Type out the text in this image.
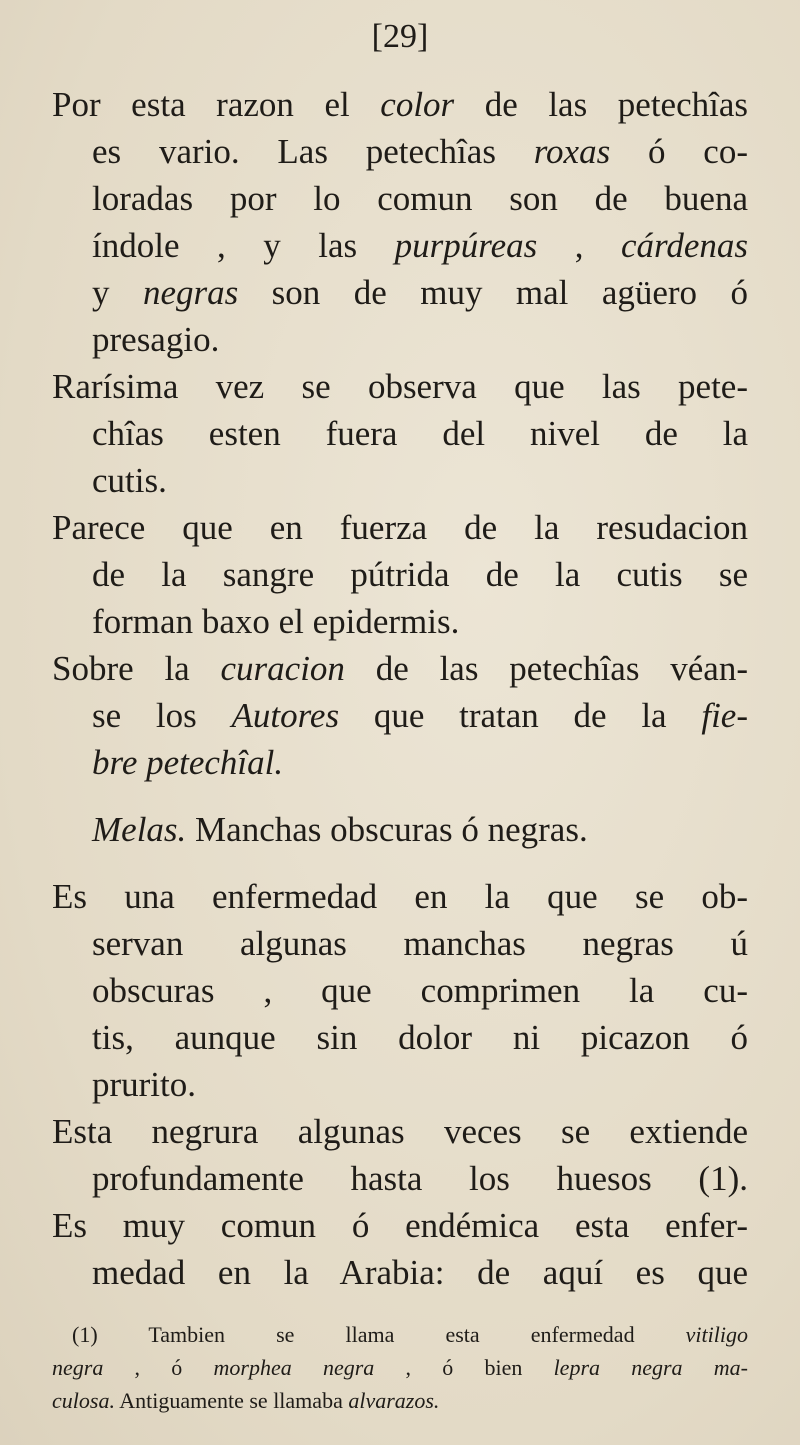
[29]
Por esta razon el color de las petechîas
es vario. Las petechîas roxas ó co-
loradas por lo comun son de buena
índole , y las purpúreas , cárdenas
y negras son de muy mal agüero ó
presagio.
Rarísima vez se observa que las pete-
chîas esten fuera del nivel de la
cutis.
Parece que en fuerza de la resudacion
de la sangre pútrida de la cutis se
forman baxo el epidermis.
Sobre la curacion de las petechîas véan-
se los Autores que tratan de la fie-
bre petechîal.
Melas. Manchas obscuras ó negras.
Es una enfermedad en la que se ob-
servan algunas manchas negras ú
obscuras , que comprimen la cu-
tis, aunque sin dolor ni picazon ó
prurito.
Esta negrura algunas veces se extiende
profundamente hasta los huesos (1).
Es muy comun ó endémica esta enfer-
medad en la Arabia: de aquí es que
(1) Tambien se llama esta enfermedad vitiligo
negra , ó morphea negra , ó bien lepra negra ma-
culosa. Antiguamente se llamaba alvarazos.
